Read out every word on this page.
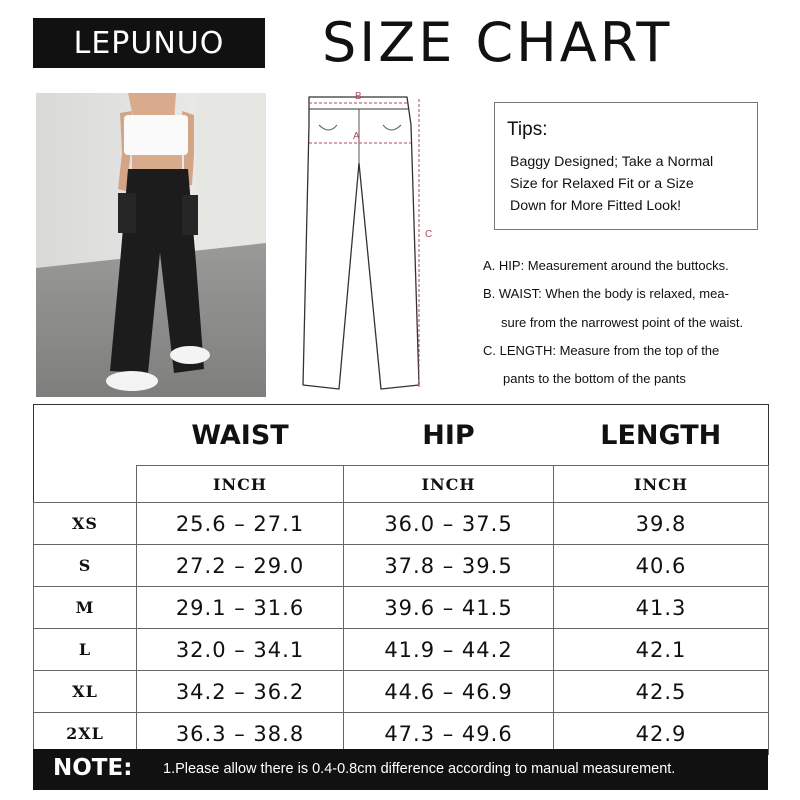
LEPUNUO	SIZE CHART
B
A
C
Tips:
Baggy Designed; Take a Normal
Size for Relaxed Fit or a Size
Down for More Fitted Look!
A. HIP: Measurement around the buttocks.
B. WAIST: When the body is relaxed, mea-
sure from the narrowest point of the waist.
C. LENGTH: Measure from the top of the
pants to the bottom of the pants
	WAIST	HIP	LENGTH
	INCH	INCH	INCH
XS	25.6 – 27.1	36.0 – 37.5	39.8
S	27.2 – 29.0	37.8 – 39.5	40.6
M	29.1 – 31.6	39.6 – 41.5	41.3
L	32.0 – 34.1	41.9 – 44.2	42.1
XL	34.2 – 36.2	44.6 – 46.9	42.5
2XL	36.3 – 38.8	47.3 – 49.6	42.9
NOTE: 1.Please allow there is 0.4-0.8cm difference according to manual measurement.
